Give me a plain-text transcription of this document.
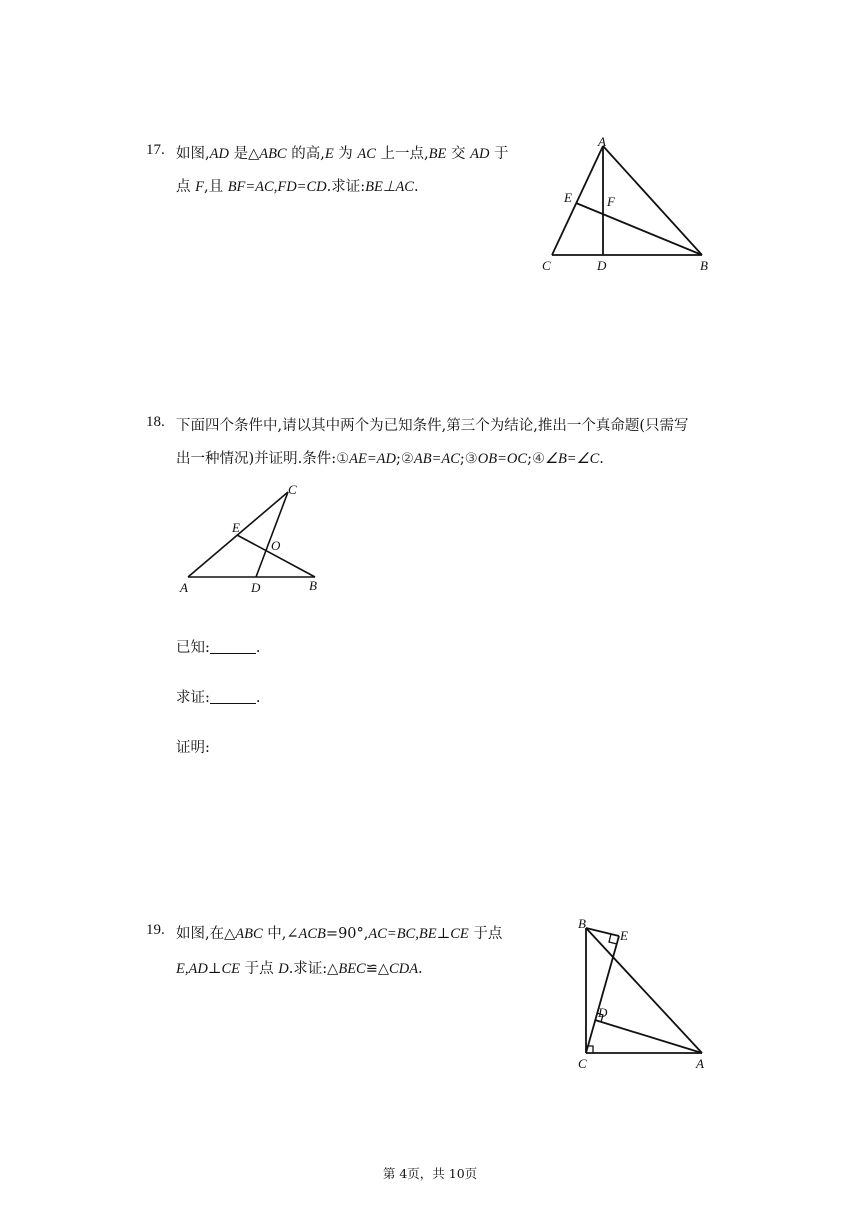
17. 如图,AD 是△ABC 的高,E 为 AC 上一点,BE 交 AD 于
点 F,且 BF=AC,FD=CD.求证:BE⊥AC.
A
E	F
C	D	B
18. 下面四个条件中,请以其中两个为已知条件,第三个为结论,推出一个真命题(只需写
出一种情况)并证明.条件:①AE=AD;②AB=AC;③OB=OC;④∠B=∠C.
C
E
O
A	D	B
已知:	.
求证:	.
证明:
19. 如图,在△ABC 中,∠ACB=90°,AC=BC,BE⊥CE 于点
E,AD⊥CE 于点 D.求证:△BEC≌△CDA.
B
E
D
C	A
第 4页，共 10页
